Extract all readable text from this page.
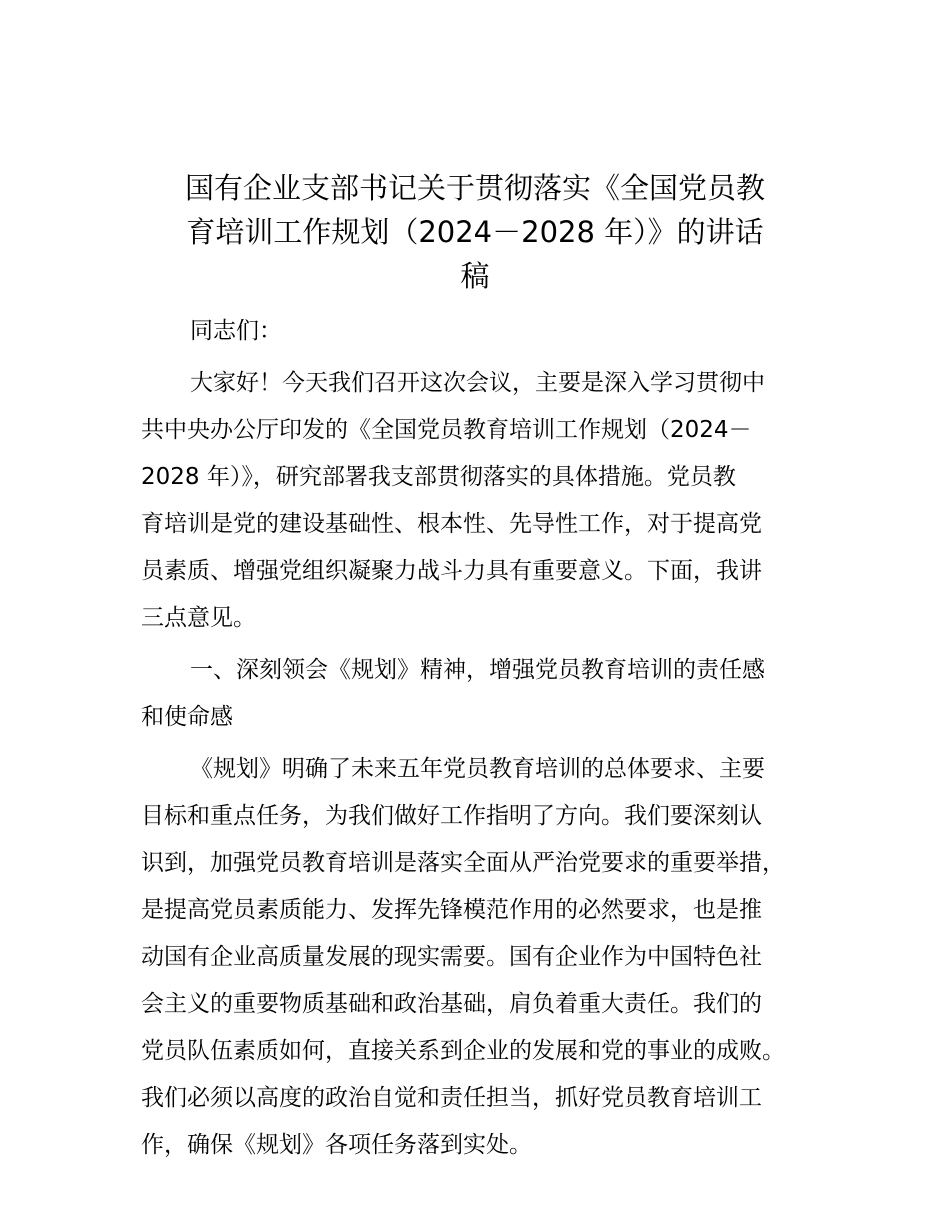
国有企业支部书记关于贯彻落实《全国党员教
育培训工作规划（2024－2028 年）》的讲话
稿
同志们：
大家好！今天我们召开这次会议，主要是深入学习贯彻中
共中央办公厅印发的《全国党员教育培训工作规划（2024－
2028 年）》，研究部署我支部贯彻落实的具体措施。党员教
育培训是党的建设基础性、根本性、先导性工作，对于提高党
员素质、增强党组织凝聚力战斗力具有重要意义。下面，我讲
三点意见。
一、深刻领会《规划》精神，增强党员教育培训的责任感
和使命感
《规划》明确了未来五年党员教育培训的总体要求、主要
目标和重点任务，为我们做好工作指明了方向。我们要深刻认
识到，加强党员教育培训是落实全面从严治党要求的重要举措，
是提高党员素质能力、发挥先锋模范作用的必然要求，也是推
动国有企业高质量发展的现实需要。国有企业作为中国特色社
会主义的重要物质基础和政治基础，肩负着重大责任。我们的
党员队伍素质如何，直接关系到企业的发展和党的事业的成败。
我们必须以高度的政治自觉和责任担当，抓好党员教育培训工
作，确保《规划》各项任务落到实处。
